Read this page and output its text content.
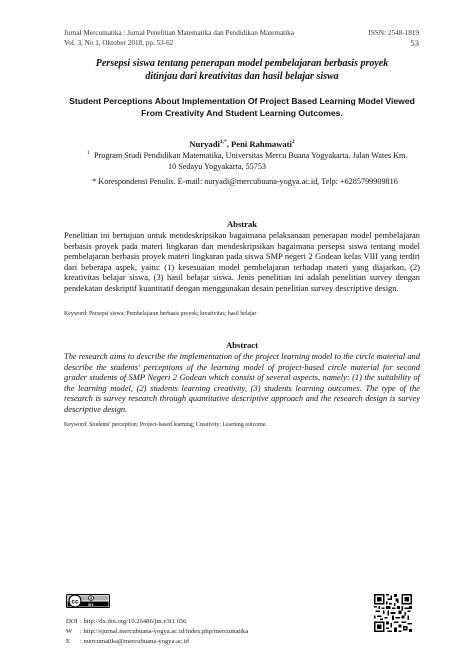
Jurnal Mercumatika : Jurnal Penelitian Matematika dan Pendidikan Matematika
Vol. 3, No 1, Oktober 2018, pp. 53-62
ISSN: 2548-1819
53
Persepsi siswa tentang penerapan model pembelajaran berbasis proyek
ditinjau dari kreativitas dan hasil belajar siswa
Student Perceptions About Implementation Of Project Based Learning Model Viewed
From Creativity And Student Learning Outcomes.
Nuryadi$^{1,*}$, Peni Rahmawati$^2$
1 Program Studi Pendidikan Matematika, Universitas Mercu Buana Yogyakarta. Jalan Wates Km.
10 Sedayu Yogyakarta, 55753
* Korespondensi Penulis. E-mail: nuryadi@mercubuana-yogya.ac.id, Telp: +6285799909816
Abstrak
Penelitian ini bertujuan untuk mendeskripsikan bagaimana pelaksanaan penerapan model pembelajaran berbasis proyek pada materi lingkaran dan mendeskripsikan bagaimana persepsi siswa tentang model pembelajaran berbasis proyek materi lingkaran pada siswa SMP negeri 2 Godean kelas VIII yang terdiri dari beberapa aspek, yaitu: (1) kesesuaian model pembelajaran terhadap materi yang diajarkan, (2) kreativitas belajar siswa, (3) hasil belajar siswa. Jenis penelitian ini adalah penelitian survey dengan pendekatan deskriptif kuantitatif dengan menggunakan desain penelitian survey descriptive design.
Keyword: Persepsi siswa; Pembelajaran berbasis proyek; kreativitas; hasil belajar
Abstract
The research aims to describe the implementation of the project learning model to the circle material and describe the students' perceptions of the learning model of project-based circle material for second grader students of SMP Negeri 2 Godean which consist of several aspects, namely: (1) the suitability of the learning model, (2) students learning creativity, (3) students learning outcomes. The type of the research is survey research through quantitative descriptive approach and the research design is survey descriptive design.
Keyword: Students' perception; Project-based learning; Creativity; Learning outcome.
cc BY
DOI : http://dx.doi.org/10.26486/jm.v3i1.656
W : http://ejurnal.mercubuana-yogya.ac.id/index.php/mercumatika
E : mercumatika@mercubuana-yogya.ac.id
